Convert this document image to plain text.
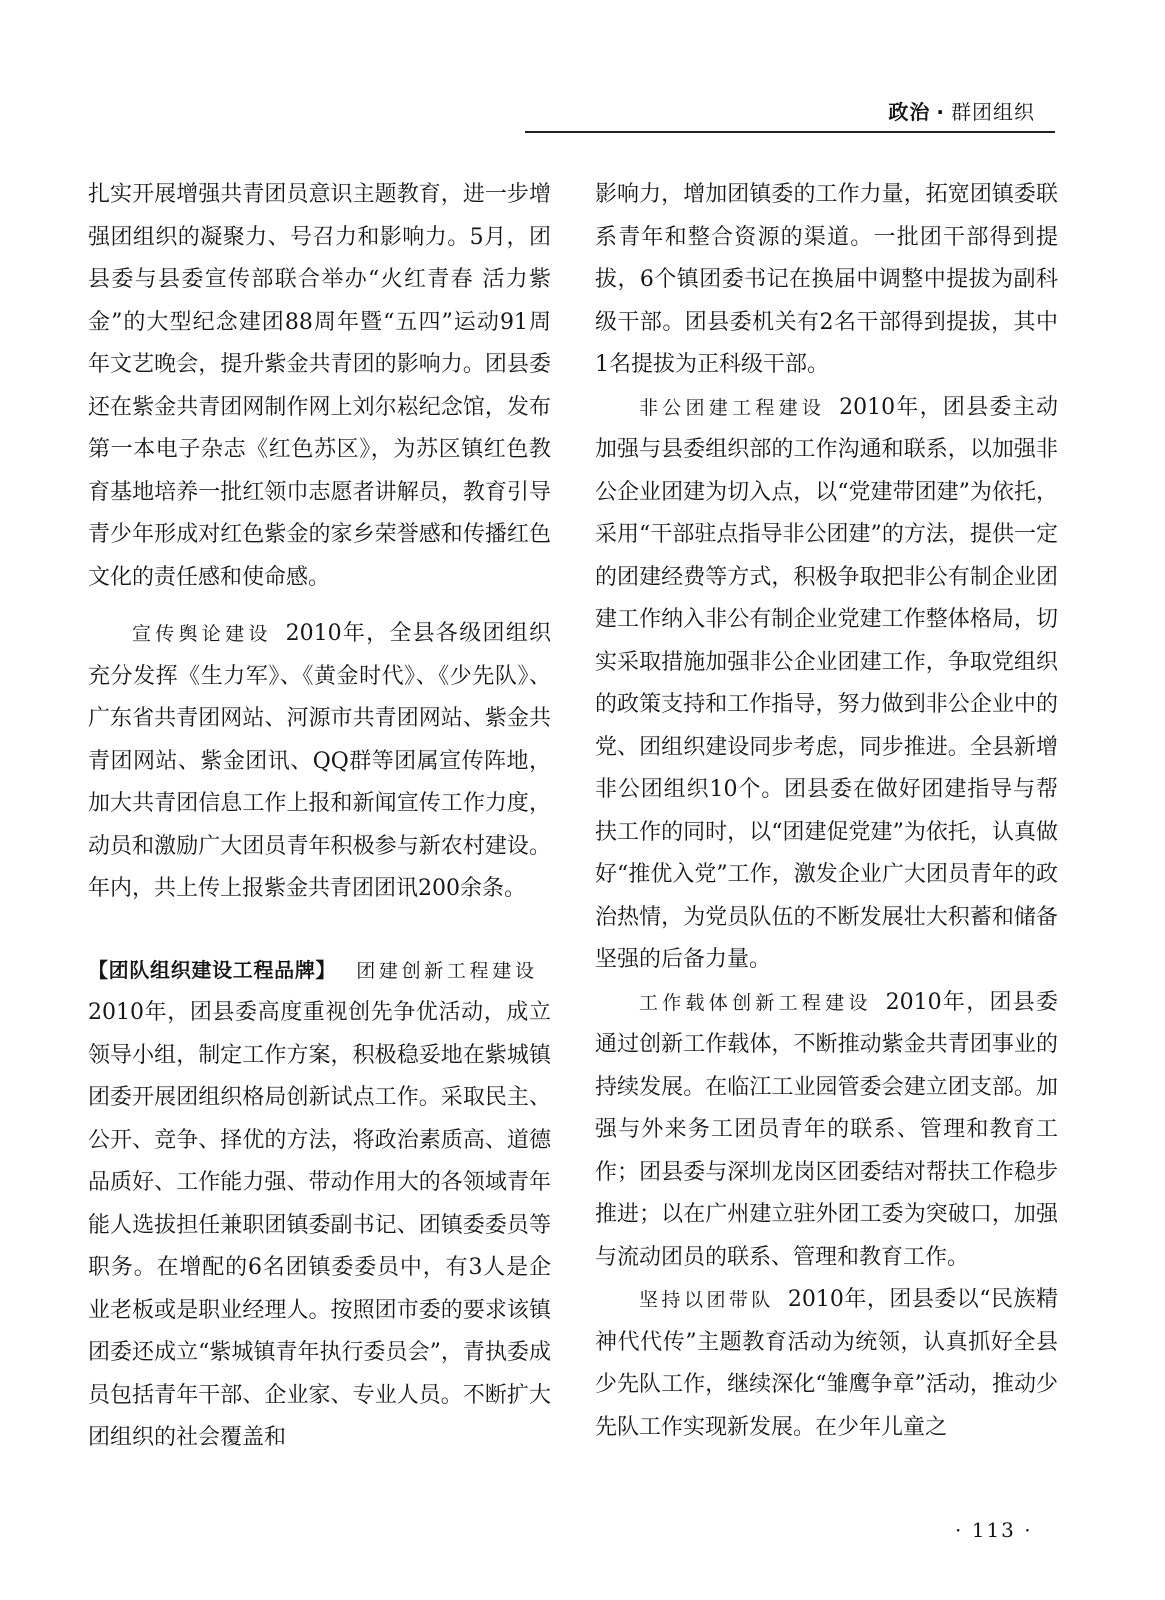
政治 · 群团组织

扎实开展增强共青团员意识主题教育，进一步增强团组织的凝聚力、号召力和影响力。5月，团县委与县委宣传部联合举办“火红青春 活力紫金”的大型纪念建团88周年暨“五四”运动91周年文艺晚会，提升紫金共青团的影响力。团县委还在紫金共青团网制作网上刘尔崧纪念馆，发布第一本电子杂志《红色苏区》，为苏区镇红色教育基地培养一批红领巾志愿者讲解员，教育引导青少年形成对红色紫金的家乡荣誉感和传播红色文化的责任感和使命感。

宣传舆论建设 2010年，全县各级团组织充分发挥《生力军》、《黄金时代》、《少先队》、广东省共青团网站、河源市共青团网站、紫金共青团网站、紫金团讯、QQ群等团属宣传阵地，加大共青团信息工作上报和新闻宣传工作力度，动员和激励广大团员青年积极参与新农村建设。年内，共上传上报紫金共青团团讯200余条。

【团队组织建设工程品牌】 团建创新工程建设2010年，团县委高度重视创先争优活动，成立领导小组，制定工作方案，积极稳妥地在紫城镇团委开展团组织格局创新试点工作。采取民主、公开、竞争、择优的方法，将政治素质高、道德品质好、工作能力强、带动作用大的各领域青年能人选拔担任兼职团镇委副书记、团镇委委员等职务。在增配的6名团镇委委员中，有3人是企业老板或是职业经理人。按照团市委的要求该镇团委还成立“紫城镇青年执行委员会”，青执委成员包括青年干部、企业家、专业人员。不断扩大团组织的社会覆盖和

影响力，增加团镇委的工作力量，拓宽团镇委联系青年和整合资源的渠道。一批团干部得到提拔，6个镇团委书记在换届中调整中提拔为副科级干部。团县委机关有2名干部得到提拔，其中1名提拔为正科级干部。

非公团建工程建设 2010年，团县委主动加强与县委组织部的工作沟通和联系，以加强非公企业团建为切入点，以“党建带团建”为依托，采用“干部驻点指导非公团建”的方法，提供一定的团建经费等方式，积极争取把非公有制企业团建工作纳入非公有制企业党建工作整体格局，切实采取措施加强非公企业团建工作，争取党组织的政策支持和工作指导，努力做到非公企业中的党、团组织建设同步考虑，同步推进。全县新增非公团组织10个。团县委在做好团建指导与帮扶工作的同时，以“团建促党建”为依托，认真做好“推优入党”工作，激发企业广大团员青年的政治热情，为党员队伍的不断发展壮大积蓄和储备坚强的后备力量。

工作载体创新工程建设 2010年，团县委通过创新工作载体，不断推动紫金共青团事业的持续发展。在临江工业园管委会建立团支部。加强与外来务工团员青年的联系、管理和教育工作；团县委与深圳龙岗区团委结对帮扶工作稳步推进；以在广州建立驻外团工委为突破口，加强与流动团员的联系、管理和教育工作。

坚持以团带队 2010年，团县委以“民族精神代代传”主题教育活动为统领，认真抓好全县少先队工作，继续深化“雏鹰争章”活动，推动少先队工作实现新发展。在少年儿童之

· 113 ·
